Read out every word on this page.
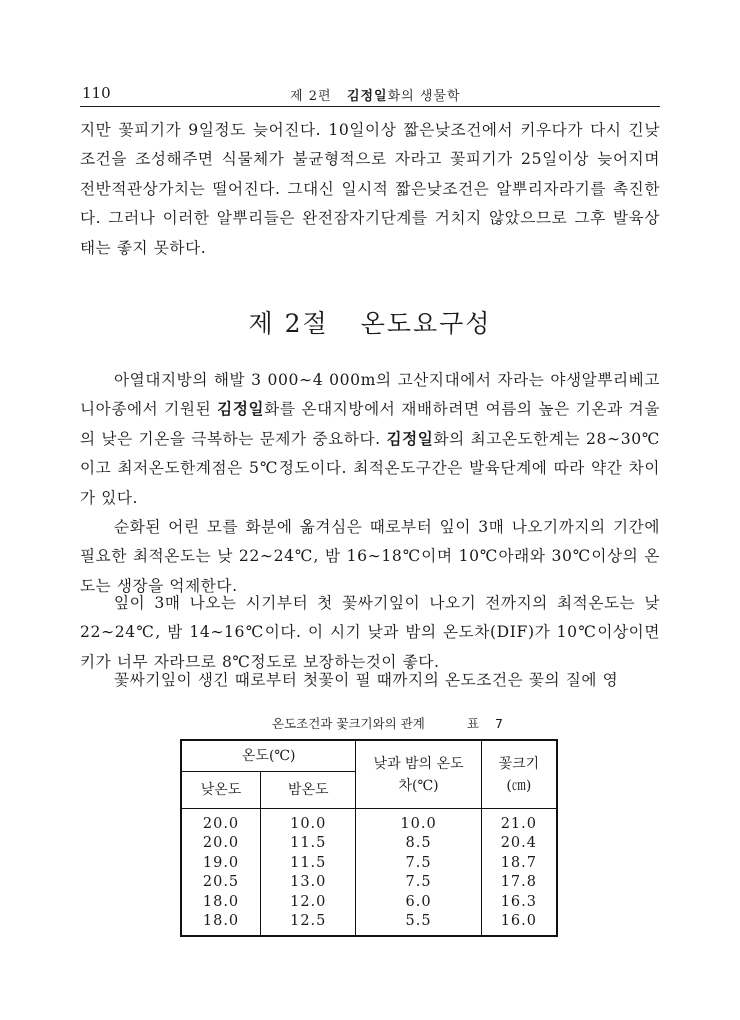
110	제 2편 김정일화의 생물학

지만 꽃피기가 9일정도 늦어진다. 10일이상 짧은낮조건에서 키우다가 다시 긴낮조건을 조성해주면 식물체가 불균형적으로 자라고 꽃피기가 25일이상 늦어지며 전반적관상가치는 떨어진다. 그대신 일시적 짧은낮조건은 알뿌리자라기를 촉진한다. 그러나 이러한 알뿌리들은 완전잠자기단계를 거치지 않았으므로 그후 발육상태는 좋지 못하다.

제 2절 온도요구성

아열대지방의 해발 3 000∼4 000m의 고산지대에서 자라는 야생알뿌리베고니아종에서 기원된 김정일화를 온대지방에서 재배하려면 여름의 높은 기온과 겨울의 낮은 기온을 극복하는 문제가 중요하다. 김정일화의 최고온도한계는 28∼30℃이고 최저온도한계점은 5℃정도이다. 최적온도구간은 발육단계에 따라 약간 차이가 있다.

순화된 어린 모를 화분에 옮겨심은 때로부터 잎이 3매 나오기까지의 기간에 필요한 최적온도는 낮 22∼24℃, 밤 16∼18℃이며 10℃아래와 30℃이상의 온도는 생장을 억제한다.

잎이 3매 나오는 시기부터 첫 꽃싸기잎이 나오기 전까지의 최적온도는 낮 22∼24℃, 밤 14∼16℃이다. 이 시기 낮과 밤의 온도차(DIF)가 10℃이상이면 키가 너무 자라므로 8℃정도로 보장하는것이 좋다.

꽃싸기잎이 생긴 때로부터 첫꽃이 필 때까지의 온도조건은 꽃의 질에 영

온도조건과 꽃크기와의 관계	표 7
온도(℃)		낮과 밤의 온도차(℃)	꽃크기 (㎝)
낮온도	밤온도		
20.0	10.0	10.0	21.0
20.0	11.5	8.5	20.4
19.0	11.5	7.5	18.7
20.5	13.0	7.5	17.8
18.0	12.0	6.0	16.3
18.0	12.5	5.5	16.0
